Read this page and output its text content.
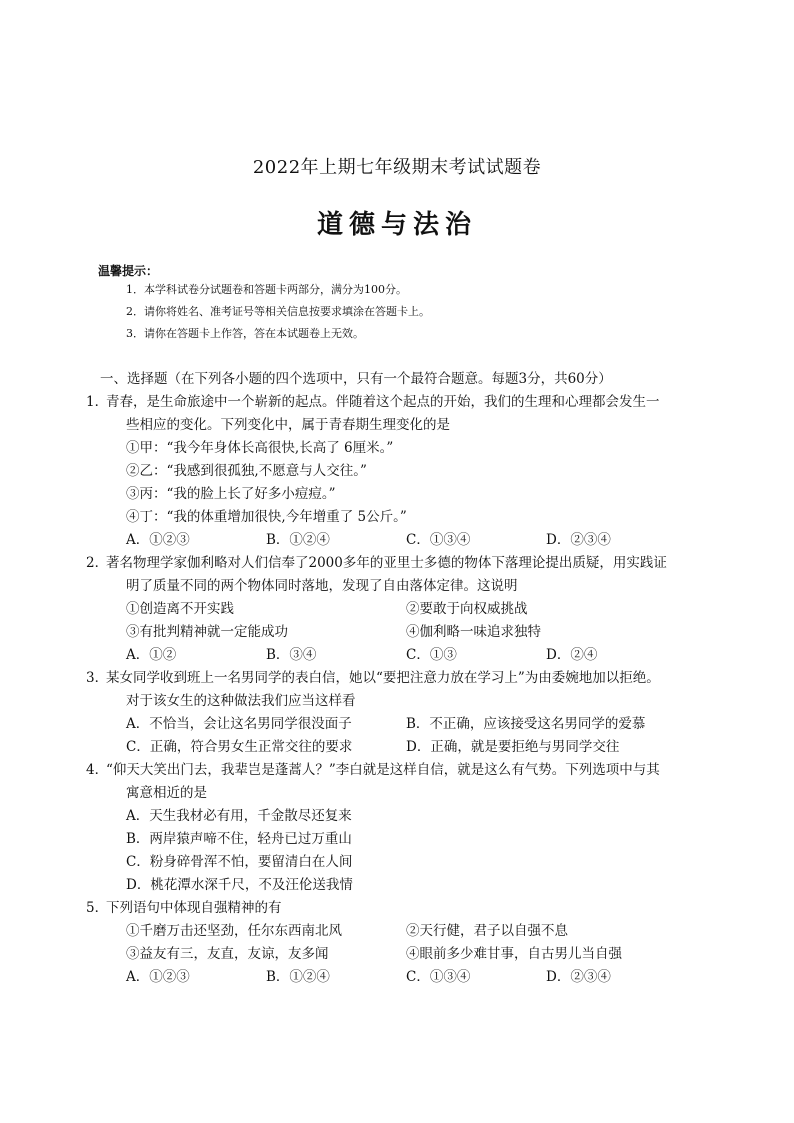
2022年上期七年级期末考试试题卷
道德与法治
温馨提示：
1．本学科试卷分试题卷和答题卡两部分，满分为100分。
2．请你将姓名、准考证号等相关信息按要求填涂在答题卡上。
3．请你在答题卡上作答，答在本试题卷上无效。
一、选择题（在下列各小题的四个选项中，只有一个最符合题意。每题3分，共60分）
1．青春，是生命旅途中一个崭新的起点。伴随着这个起点的开始，我们的生理和心理都会发生一
些相应的变化。下列变化中，属于青春期生理变化的是
①甲：“我今年身体长高很快,长高了 6厘米。”
②乙：“我感到很孤独,不愿意与人交往。”
③丙：“我的脸上长了好多小痘痘。”
④丁：“我的体重增加很快,今年增重了 5公斤。”
A．①②③	B．①②④	C．①③④	D．②③④
2．著名物理学家伽利略对人们信奉了2000多年的亚里士多德的物体下落理论提出质疑，用实践证
明了质量不同的两个物体同时落地，发现了自由落体定律。这说明
①创造离不开实践	②要敢于向权威挑战
③有批判精神就一定能成功	④伽利略一味追求独特
A．①②	B．③④	C．①③	D．②④
3．某女同学收到班上一名男同学的表白信，她以“要把注意力放在学习上”为由委婉地加以拒绝。
对于该女生的这种做法我们应当这样看
A．不恰当，会让这名男同学很没面子	B．不正确，应该接受这名男同学的爱慕
C．正确，符合男女生正常交往的要求	D．正确，就是要拒绝与男同学交往
4．“仰天大笑出门去，我辈岂是蓬蒿人？”李白就是这样自信，就是这么有气势。下列选项中与其
寓意相近的是
A．天生我材必有用，千金散尽还复来
B．两岸猿声啼不住，轻舟已过万重山
C．粉身碎骨浑不怕，要留清白在人间
D．桃花潭水深千尺，不及汪伦送我情
5．下列语句中体现自强精神的有
①千磨万击还坚劲，任尔东西南北风	②天行健，君子以自强不息
③益友有三，友直，友谅，友多闻	④眼前多少难甘事，自古男儿当自强
A．①②③	B．①②④	C．①③④	D．②③④
